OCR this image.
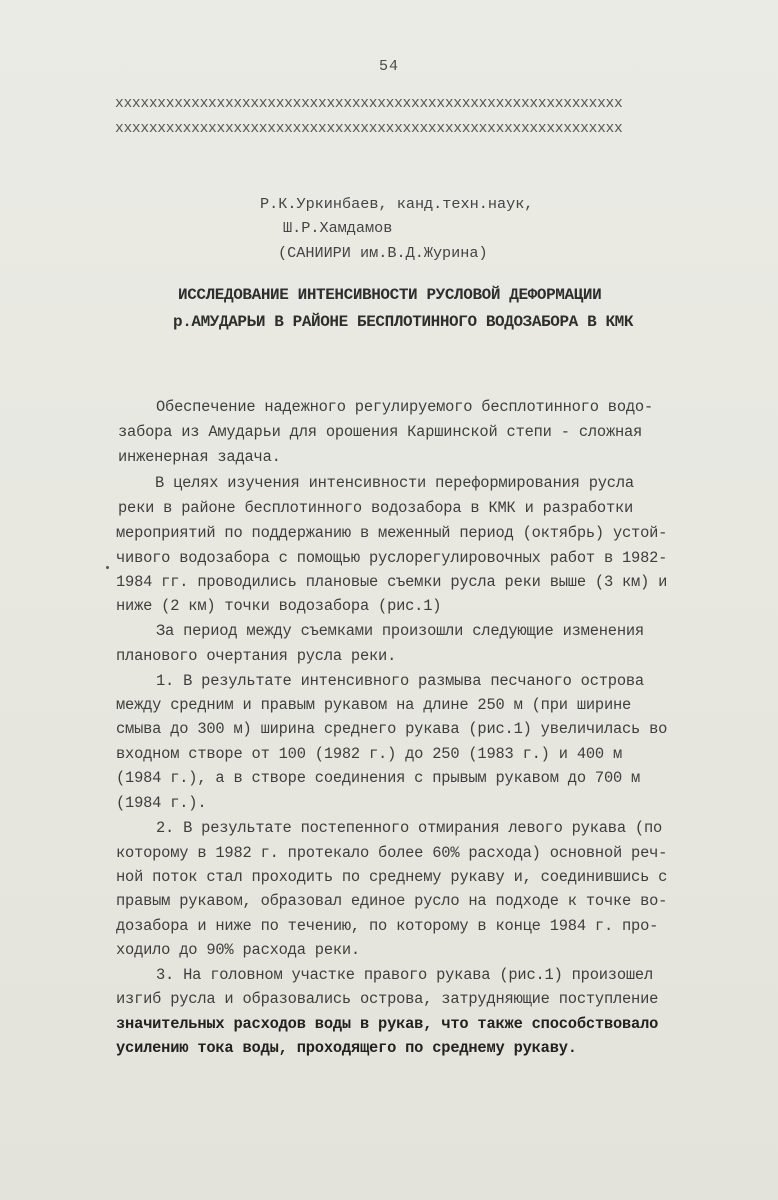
54
xxxxxxxxxxxxxxxxxxxxxxxxxxxxxxxxxxxxxxxxxxxxxxxxxxxxxxxxxxxx
xxxxxxxxxxxxxxxxxxxxxxxxxxxxxxxxxxxxxxxxxxxxxxxxxxxxxxxxxxxx
Р.К.Уркинбаев, канд.техн.наук,
Ш.Р.Хамдамов
(САНИИРИ им.В.Д.Журина)
ИССЛЕДОВАНИЕ ИНТЕНСИВНОСТИ РУСЛОВОЙ ДЕФОРМАЦИИ
р.АМУДАРЬИ В РАЙОНЕ БЕСПЛОТИННОГО ВОДОЗАБОРА В КМК
Обеспечение надежного регулируемого бесплотинного водо-
забора из Амударьи для орошения Каршинской степи - сложная
инженерная задача.
В целях изучения интенсивности переформирования русла
реки в районе бесплотинного водозабора в КМК и разработки
мероприятий по поддержанию в меженный период (октябрь) устой-
чивого водозабора с помощью руслорегулировочных работ в 1982-
1984 гг. проводились плановые съемки русла реки выше (3 км) и
ниже (2 км) точки водозабора (рис.1)
За период между съемками произошли следующие изменения
планового очертания русла реки.
1. В результате интенсивного размыва песчаного острова
между средним и правым рукавом на длине 250 м (при ширине
смыва до 300 м) ширина среднего рукава (рис.1) увеличилась во
входном створе от 100 (1982 г.) до 250 (1983 г.) и 400 м
(1984 г.), а в створе соединения с прывым рукавом до 700 м
(1984 г.).
2. В результате постепенного отмирания левого рукава (по
которому в 1982 г. протекало более 60% расхода) основной реч-
ной поток стал проходить по среднему рукаву и, соединившись с
правым рукавом, образовал единое русло на подходе к точке во-
дозабора и ниже по течению, по которому в конце 1984 г. про-
ходило до 90% расхода реки.
3. На головном участке правого рукава (рис.1) произошел
изгиб русла и образовались острова, затрудняющие поступление
значительных расходов воды в рукав, что также способствовало
усилению тока воды, проходящего по среднему рукаву.
